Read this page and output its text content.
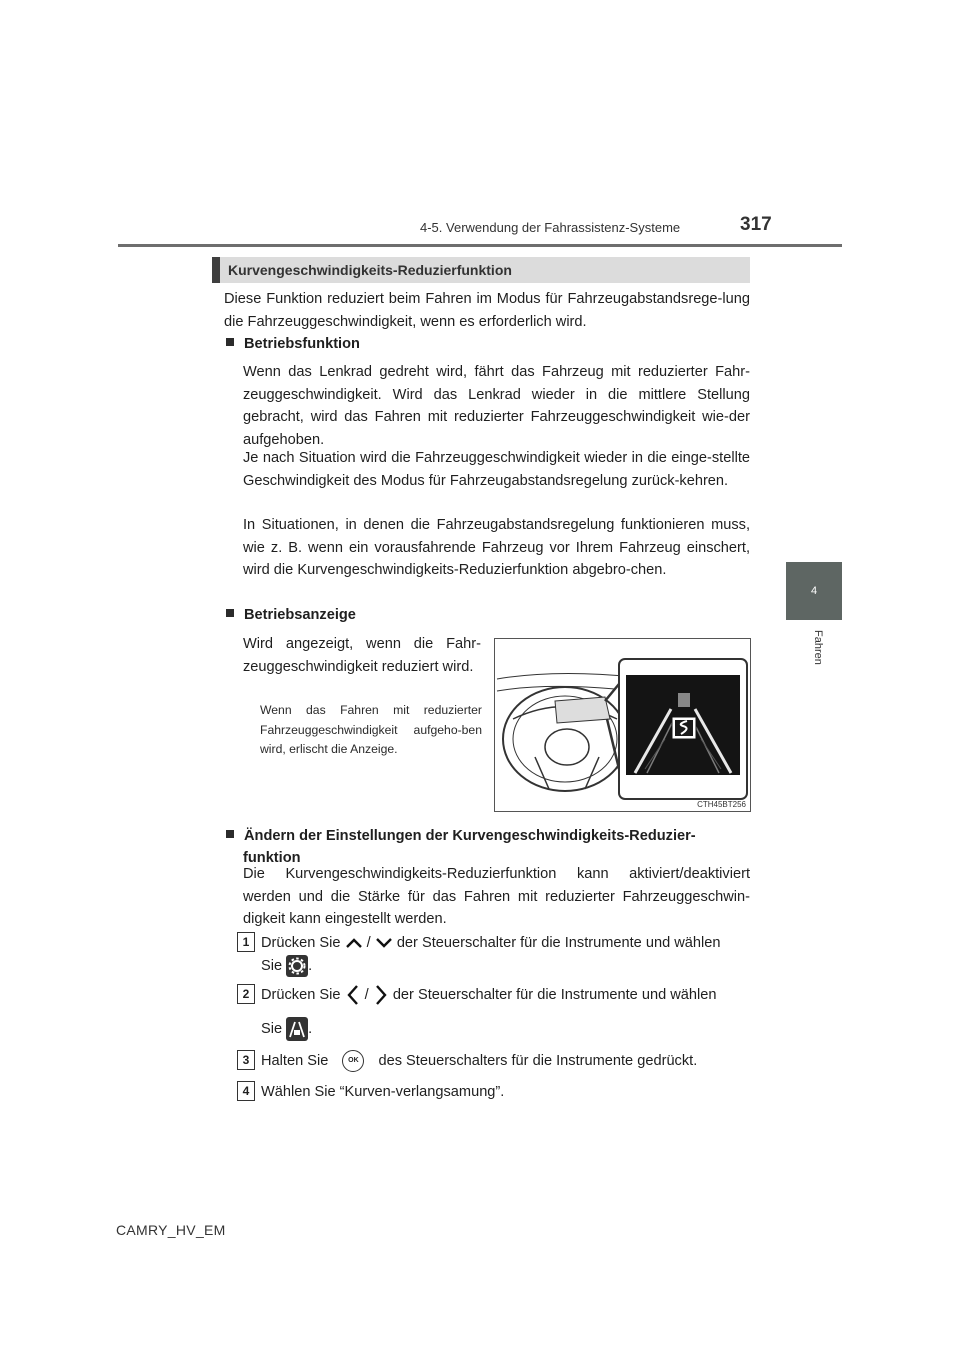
4-5. Verwendung der Fahrassistenz-Systeme	317
4
Fahren
Kurvengeschwindigkeits-Reduzierfunktion
Diese Funktion reduziert beim Fahren im Modus für Fahrzeugabstandsrege-lung die Fahrzeuggeschwindigkeit, wenn es erforderlich wird.
Betriebsfunktion
Wenn das Lenkrad gedreht wird, fährt das Fahrzeug mit reduzierter Fahr-zeuggeschwindigkeit. Wird das Lenkrad wieder in die mittlere Stellung gebracht, wird das Fahren mit reduzierter Fahrzeuggeschwindigkeit wie-der aufgehoben.
Je nach Situation wird die Fahrzeuggeschwindigkeit wieder in die einge-stellte Geschwindigkeit des Modus für Fahrzeugabstandsregelung zurück-kehren.
In Situationen, in denen die Fahrzeugabstandsregelung funktionieren muss, wie z. B. wenn ein vorausfahrende Fahrzeug vor Ihrem Fahrzeug einschert, wird die Kurvengeschwindigkeits-Reduzierfunktion abgebro-chen.
Betriebsanzeige
Wird angezeigt, wenn die Fahr-zeuggeschwindigkeit reduziert wird.
Wenn das Fahren mit reduzierter Fahrzeuggeschwindigkeit aufgeho-ben wird, erlischt die Anzeige.
CTH45BT256
Ändern der Einstellungen der Kurvengeschwindigkeits-Reduzier-
funktion
Die Kurvengeschwindigkeits-Reduzierfunktion kann aktiviert/deaktiviert werden und die Stärke für das Fahren mit reduzierter Fahrzeuggeschwin-digkeit kann eingestellt werden.
1 Drücken Sie / der Steuerschalter für die Instrumente und wählen
Sie .
2 Drücken Sie / der Steuerschalter für die Instrumente und wählen

Sie .
3 Halten Sie	OK des Steuerschalters für die Instrumente gedrückt.
4 Wählen Sie “Kurven-verlangsamung”.
CAMRY_HV_EM
